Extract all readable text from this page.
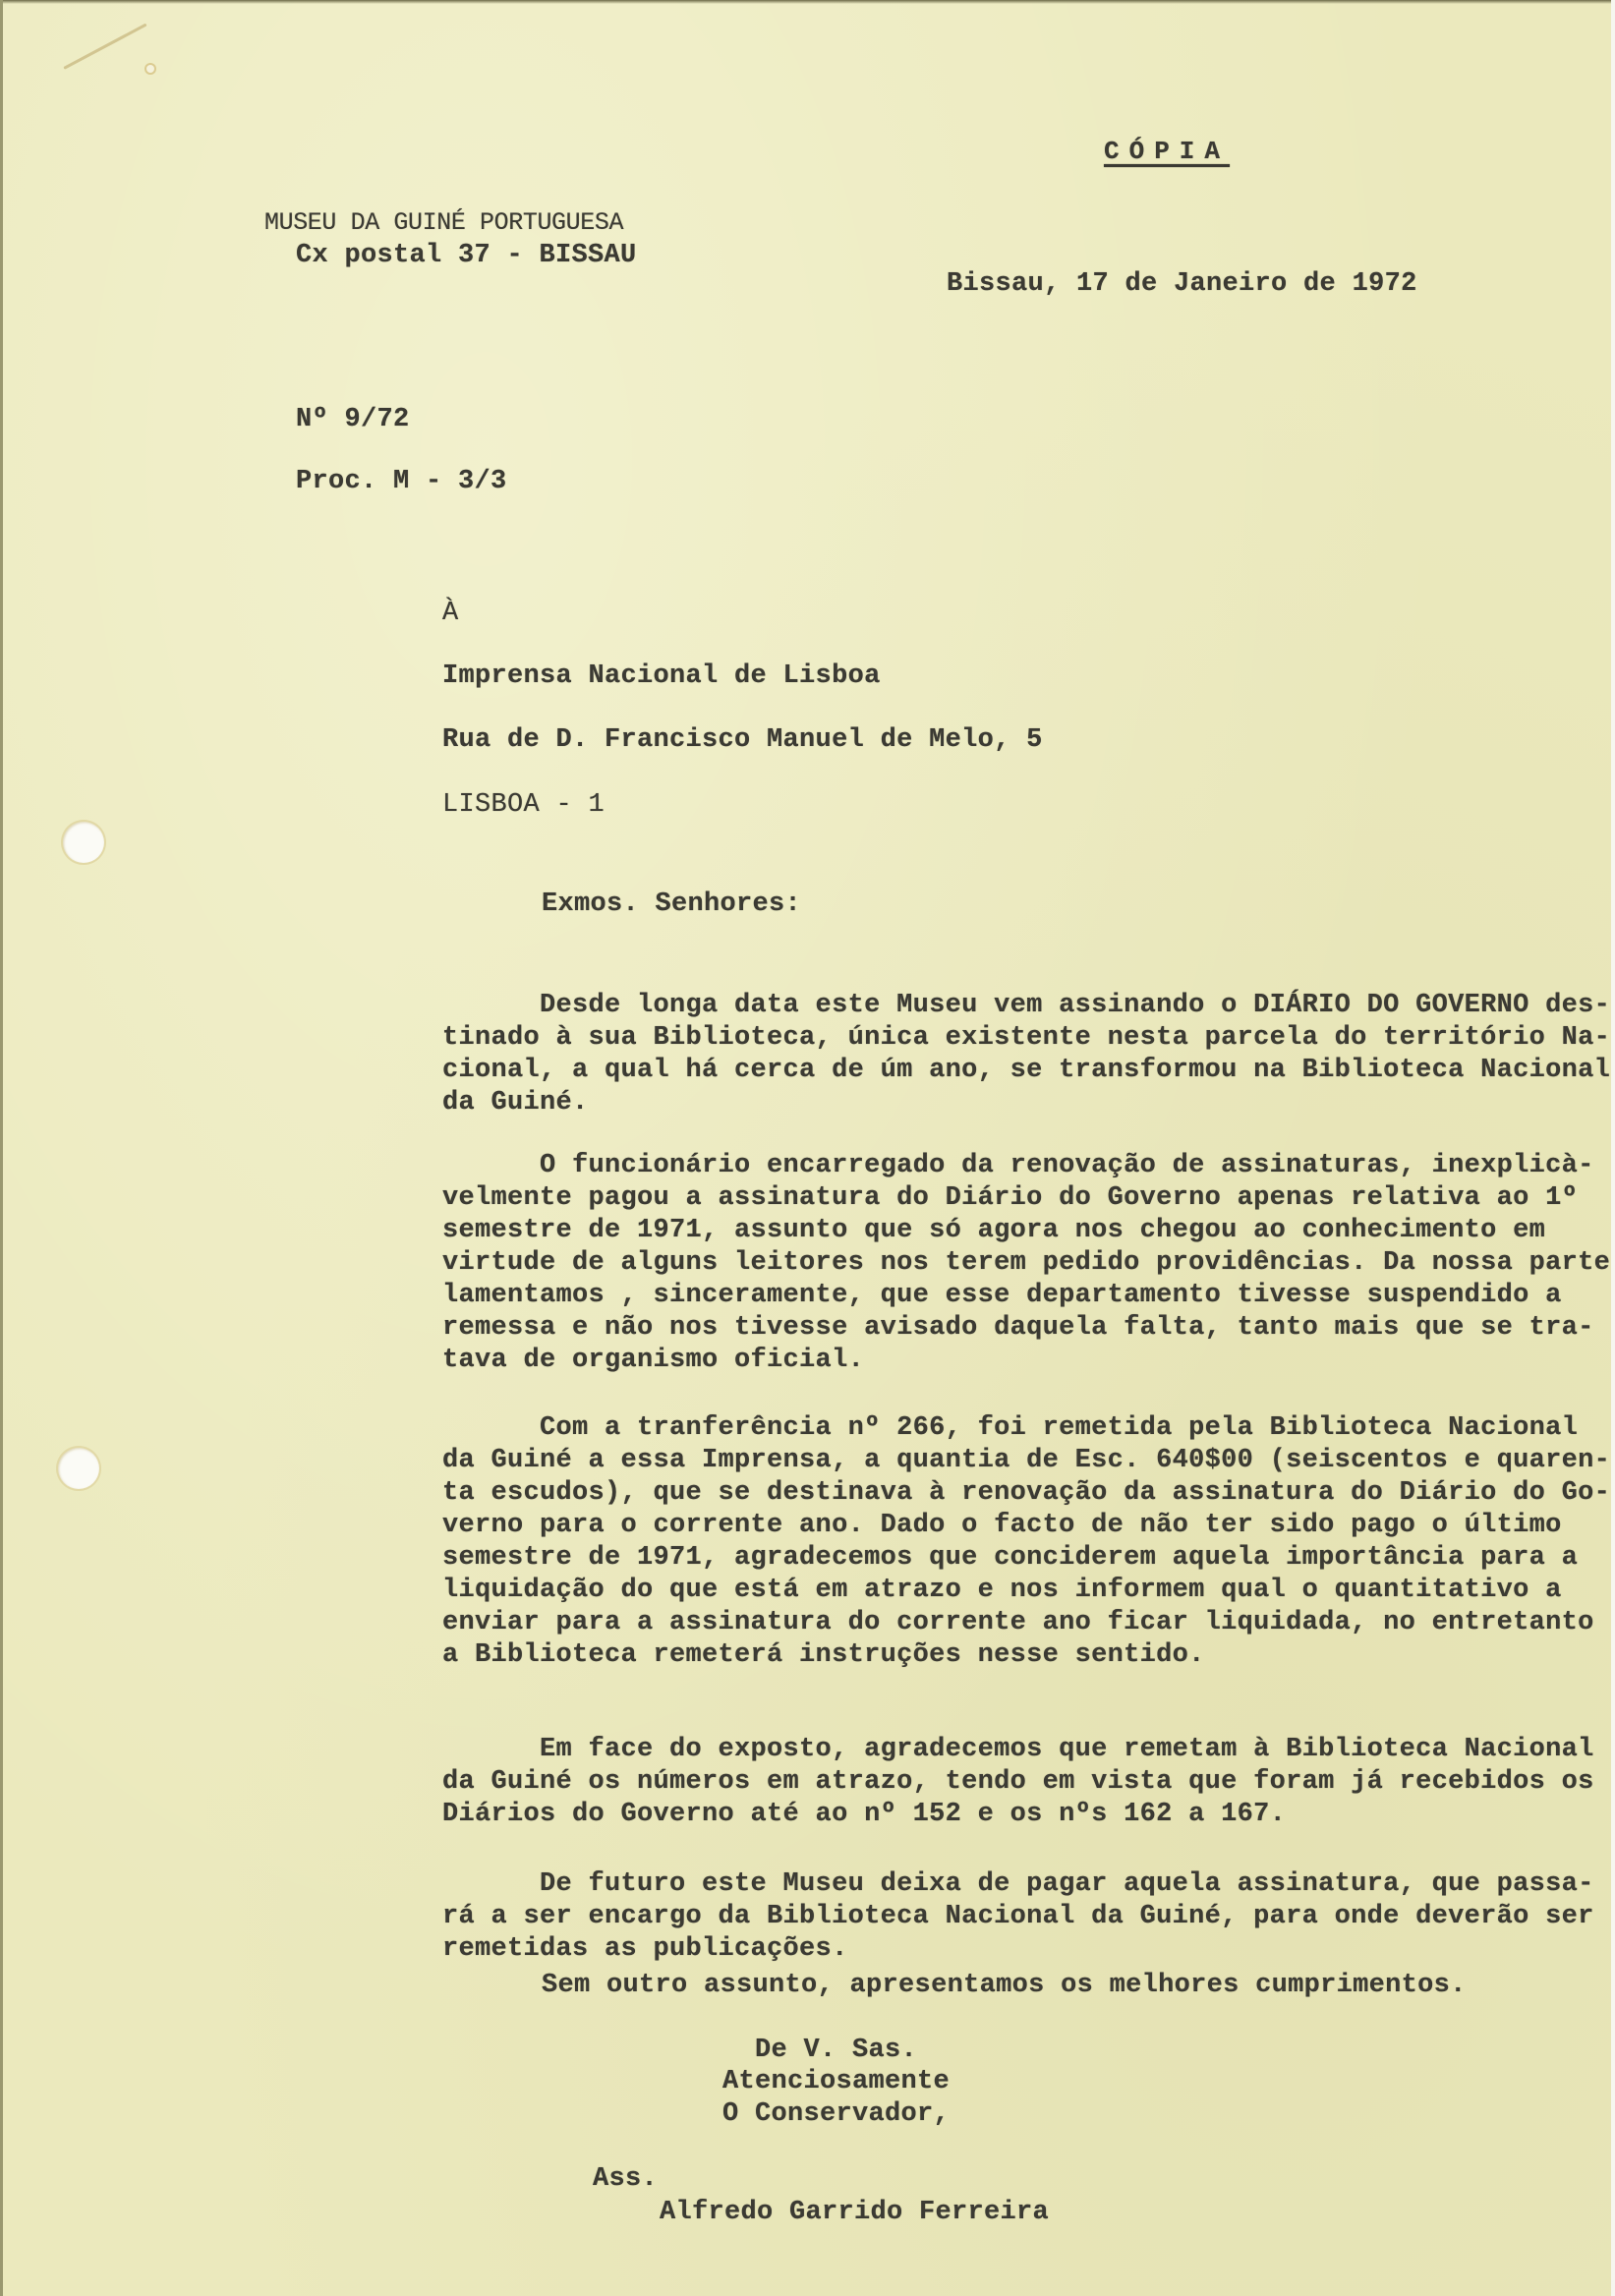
CÓPIA
MUSEU DA GUINÉ PORTUGUESA
Cx postal 37 - BISSAU
Bissau, 17 de Janeiro de 1972
Nº 9/72
Proc. M - 3/3
À
Imprensa Nacional de Lisboa
Rua de D. Francisco Manuel de Melo, 5
LISBOA - 1
Exmos. Senhores:
Desde longa data este Museu vem assinando o DIÁRIO DO GOVERNO des-
tinado à sua Biblioteca, única existente nesta parcela do território Na-
cional, a qual há cerca de úm ano, se transformou na Biblioteca Nacional
da Guiné.
O funcionário encarregado da renovação de assinaturas, inexplicà-
velmente pagou a assinatura do Diário do Governo apenas relativa ao 1º
semestre de 1971, assunto que só agora nos chegou ao conhecimento em
virtude de alguns leitores nos terem pedido providências. Da nossa parte
lamentamos , sinceramente, que esse departamento tivesse suspendido a
remessa e não nos tivesse avisado daquela falta, tanto mais que se tra-
tava de organismo oficial.
Com a tranferência nº 266, foi remetida pela Biblioteca Nacional
da Guiné a essa Imprensa, a quantia de Esc. 640$00 (seiscentos e quaren-
ta escudos), que se destinava à renovação da assinatura do Diário do Go-
verno para o corrente ano. Dado o facto de não ter sido pago o último
semestre de 1971, agradecemos que conciderem aquela importância para a
liquidação do que está em atrazo e nos informem qual o quantitativo a
enviar para a assinatura do corrente ano ficar liquidada, no entretanto
a Biblioteca remeterá instruções nesse sentido.
Em face do exposto, agradecemos que remetam à Biblioteca Nacional
da Guiné os números em atrazo, tendo em vista que foram já recebidos os
Diários do Governo até ao nº 152 e os nºs 162 a 167.
De futuro este Museu deixa de pagar aquela assinatura, que passa-
rá a ser encargo da Biblioteca Nacional da Guiné, para onde deverão ser
remetidas as publicações.
Sem outro assunto, apresentamos os melhores cumprimentos.
De V. Sas.
Atenciosamente
O Conservador,
Ass.
Alfredo Garrido Ferreira
